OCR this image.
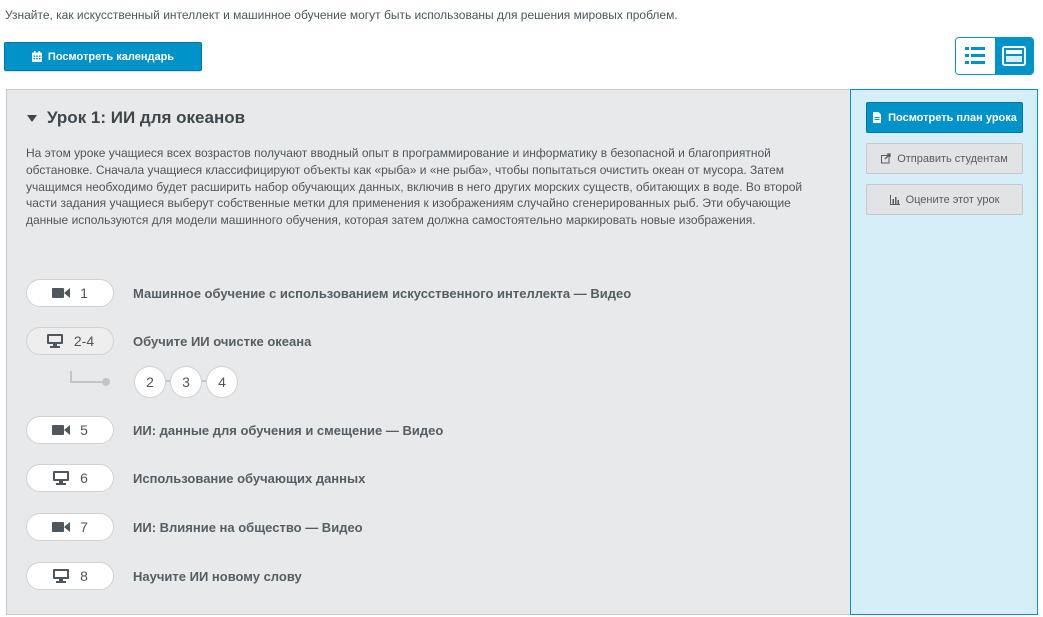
Узнайте, как искусственный интеллект и машинное обучение могут быть использованы для решения мировых проблем.
Посмотреть календарь
Урок 1: ИИ для океанов
На этом уроке учащиеся всех возрастов получают вводный опыт в программирование и информатику в безопасной и благоприятной обстановке. Сначала учащиеся классифицируют объекты как «рыба» и «не рыба», чтобы попытаться очистить океан от мусора. Затем учащимся необходимо будет расширить набор обучающих данных, включив в него других морских существ, обитающих в воде. Во второй части задания учащиеся выберут собственные метки для применения к изображениям случайно сгенерированных рыб. Эти обучающие данные используются для модели машинного обучения, которая затем должна самостоятельно маркировать новые изображения.
1	Машинное обучение с использованием искусственного интеллекта — Видео
2-4	Обучите ИИ очистке океана
2	3	4
5	ИИ: данные для обучения и смещение — Видео
6	Использование обучающих данных
7	ИИ: Влияние на общество — Видео
8	Научите ИИ новому слову
Посмотреть план урока
Отправить студентам
Оцените этот урок
